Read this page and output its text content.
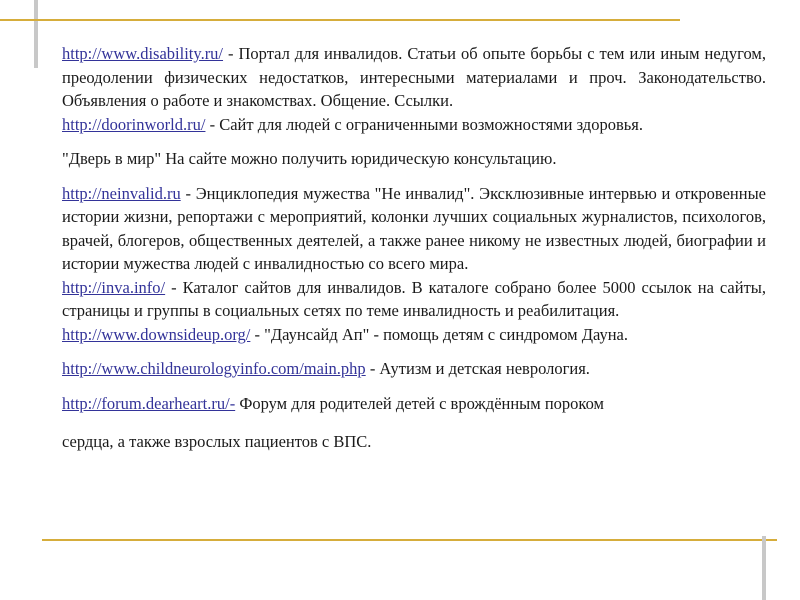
http://www.disability.ru/ - Портал для инвалидов. Статьи об опыте борьбы с тем или иным недугом, преодолении физических недостатков, интересными материалами и проч. Законодательство. Объявления о работе и знакомствах. Общение. Ссылки.

http://doorinworld.ru/ - Сайт для людей с ограниченными возможностями здоровья.

"Дверь в мир" На сайте можно получить юридическую консультацию.

http://neinvalid.ru - Энциклопедия мужества "Не инвалид". Эксклюзивные интервью и откровенные истории жизни, репортажи с мероприятий, колонки лучших социальных журналистов, психологов, врачей, блогеров, общественных деятелей, а также ранее никому не известных людей, биографии и истории мужества людей с инвалидностью со всего мира.

http://inva.info/ - Каталог сайтов для инвалидов. В каталоге собрано более 5000 ссылок на сайты, страницы и группы в социальных сетях по теме инвалидность и реабилитация.

http://www.downsideup.org/ - "Даунсайд Ап" - помощь детям с синдромом Дауна.

http://www.childneurologyinfo.com/main.php - Аутизм и детская неврология.

http://forum.dearheart.ru/- Форум для родителей детей с врождённым пороком

сердца, а также взрослых пациентов с ВПС.
